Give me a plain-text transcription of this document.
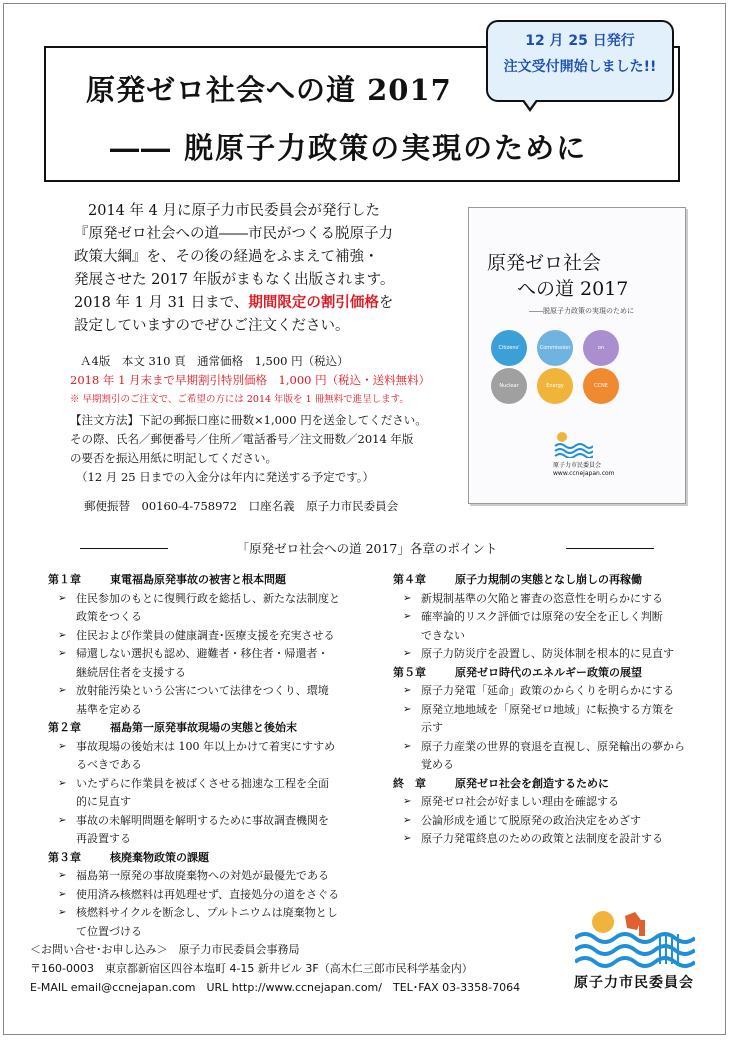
原発ゼロ社会への道 2017
―― 脱原子力政策の実現のために
12 月 25 日発行
注文受付開始しました!!

2014 年 4 月に原子力市民委員会が発行した

『原発ゼロ社会への道――市民がつくる脱原子力

政策大綱』を、その後の経過をふまえて補強・

発展させた 2017 年版がまもなく出版されます。

2018 年 1 月 31 日まで、期間限定の割引価格を

設定していますのでぜひご注文ください。

Ａ4版　本文 310 頁　通常価格　1,500 円（税込）
2018 年 1 月末まで早期割引特別価格　1,000 円（税込・送料無料）
※ 早期割引のご注文で、ご希望の方には 2014 年版を 1 冊無料で進呈します。
【注文方法】下記の郵振口座に冊数×1,000 円を送金してください。
その際、氏名／郵便番号／住所／電話番号／注文冊数／2014 年版
の要否を振込用紙に明記してください。
（12 月 25 日までの入金分は年内に発送する予定です。）
郵便振替　00160-4-758972　口座名義　原子力市民委員会
原発ゼロ社会
への道 2017
――脱原子力政策の実現のために
Citizens'	Commission	on
Nuclear	Energy	CCNE
原子力市民委員会
www.ccnejapan.com
「原発ゼロ社会への道 2017」各章のポイント
第１章	東電福島原発事故の被害と根本問題
➢ 住民参加のもとに復興行政を総括し、新たな法制度と
政策をつくる
➢ 住民および作業員の健康調査･医療支援を充実させる
➢ 帰還しない選択も認め、避難者・移住者・帰還者・
継続居住者を支援する
➢ 放射能汚染という公害について法律をつくり、環境
基準を定める
第２章	福島第一原発事故現場の実態と後始末
➢ 事故現場の後始末は 100 年以上かけて着実にすすめ
るべきである
➢ いたずらに作業員を被ばくさせる拙速な工程を全面
的に見直す
➢ 事故の未解明問題を解明するために事故調査機関を
再設置する
第３章	核廃棄物政策の課題
➢ 福島第一原発の事故廃棄物への対処が最優先である
➢ 使用済み核燃料は再処理せず、直接処分の道をさぐる
➢ 核燃料サイクルを断念し、プルトニウムは廃棄物とし
て位置づける
第４章	原子力規制の実態となし崩しの再稼働
➢ 新規制基準の欠陥と審査の恣意性を明らかにする
➢ 確率論的リスク評価では原発の安全を正しく判断
できない
➢ 原子力防災庁を設置し、防災体制を根本的に見直す
第５章	原発ゼロ時代のエネルギー政策の展望
➢ 原子力発電「延命」政策のからくりを明らかにする
➢ 原発立地地域を「原発ゼロ地域」に転換する方策を
示す
➢ 原子力産業の世界的衰退を直視し、原発輸出の夢から
覚める
終　章	原発ゼロ社会を創造するために
➢ 原発ゼロ社会が好ましい理由を確認する
➢ 公論形成を通じて脱原発の政治決定をめざす
➢ 原子力発電終息のための政策と法制度を設計する
＜お問い合せ･お申し込み＞　原子力市民委員会事務局
〒160-0003　東京都新宿区四谷本塩町 4-15 新井ビル 3F（高木仁三郎市民科学基金内）
E-MAIL email@ccnejapan.com　URL http://www.ccnejapan.com/　TEL･FAX 03-3358-7064	原子力市民委員会
